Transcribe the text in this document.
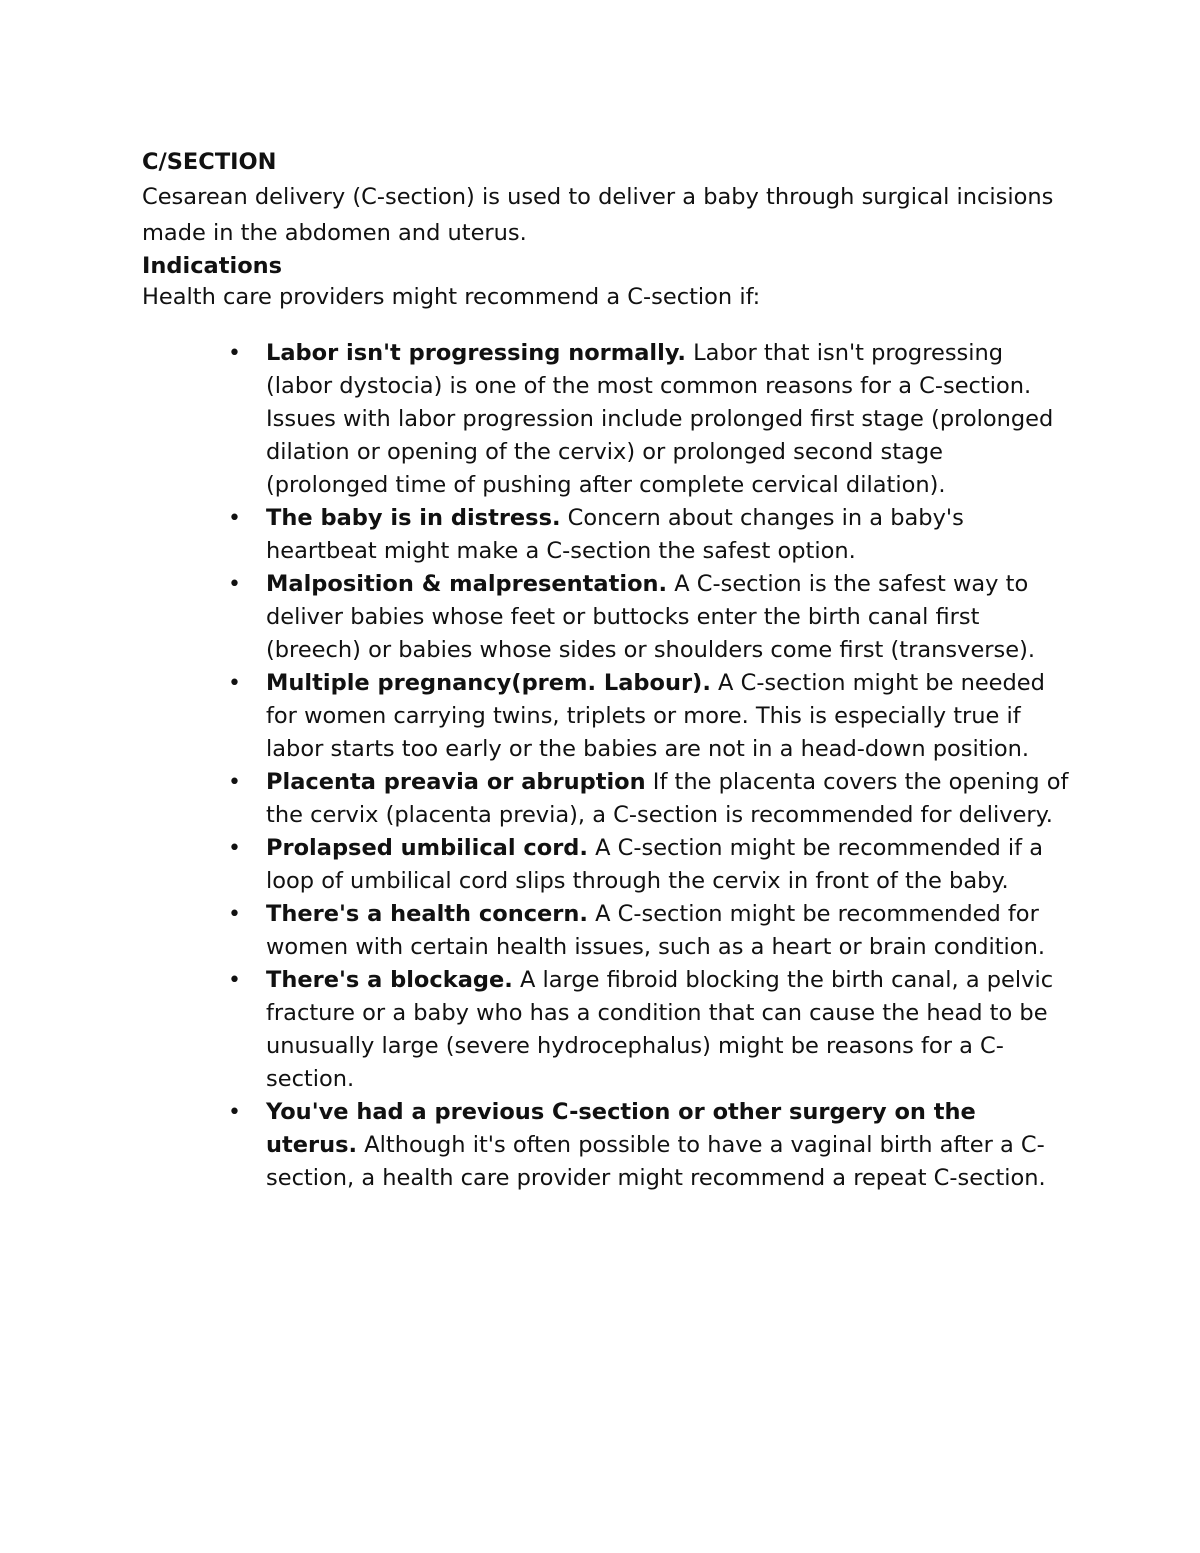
C/SECTION

Cesarean delivery (C-section) is used to deliver a baby through surgical incisions made in the abdomen and uterus.

Indications

Health care providers might recommend a C-section if:

• Labor isn't progressing normally. Labor that isn't progressing (labor dystocia) is one of the most common reasons for a C-section. Issues with labor progression include prolonged first stage (prolonged dilation or opening of the cervix) or prolonged second stage (prolonged time of pushing after complete cervical dilation).
• The baby is in distress. Concern about changes in a baby's heartbeat might make a C-section the safest option.
• Malposition & malpresentation. A C-section is the safest way to deliver babies whose feet or buttocks enter the birth canal first (breech) or babies whose sides or shoulders come first (transverse).
• Multiple pregnancy(prem. Labour). A C-section might be needed for women carrying twins, triplets or more. This is especially true if labor starts too early or the babies are not in a head-down position.
• Placenta preavia or abruption If the placenta covers the opening of the cervix (placenta previa), a C-section is recommended for delivery.
• Prolapsed umbilical cord. A C-section might be recommended if a loop of umbilical cord slips through the cervix in front of the baby.
• There's a health concern. A C-section might be recommended for women with certain health issues, such as a heart or brain condition.
• There's a blockage. A large fibroid blocking the birth canal, a pelvic fracture or a baby who has a condition that can cause the head to be unusually large (severe hydrocephalus) might be reasons for a C-section.
• You've had a previous C-section or other surgery on the uterus. Although it's often possible to have a vaginal birth after a C-section, a health care provider might recommend a repeat C-section.
